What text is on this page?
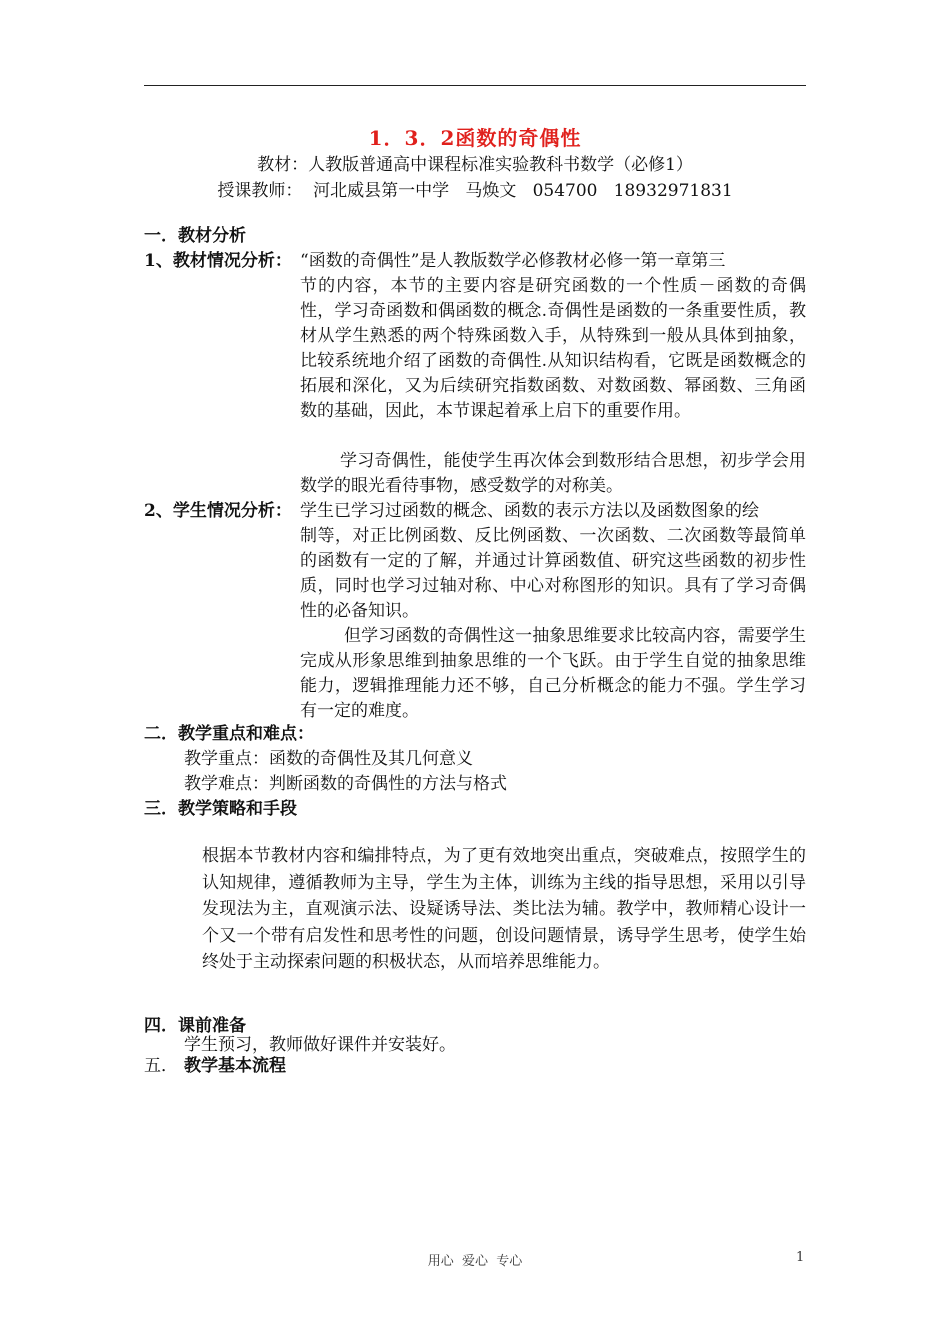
1．3．2函数的奇偶性
教材：人教版普通高中课程标准实验教科书数学（必修1）
授课教师：  河北威县第一中学   马焕文   054700   18932971831
一．教材分析
1、教材情况分析： “函数的奇偶性”是人教版数学必修教材必修一第一章第三
节的内容，本节的主要内容是研究函数的一个性质－函数的奇偶性，学习奇函数和偶函数的概念.奇偶性是函数的一条重要性质，教材从学生熟悉的两个特殊函数入手，从特殊到一般从具体到抽象，比较系统地介绍了函数的奇偶性.从知识结构看，它既是函数概念的拓展和深化，又为后续研究指数函数、对数函数、幂函数、三角函数的基础，因此，本节课起着承上启下的重要作用。
学习奇偶性，能使学生再次体会到数形结合思想，初步学会用数学的眼光看待事物，感受数学的对称美。
2、学生情况分析： 学生已学习过函数的概念、函数的表示方法以及函数图象的绘
制等，对正比例函数、反比例函数、一次函数、二次函数等最简单的函数有一定的了解，并通过计算函数值、研究这些函数的初步性质，同时也学习过轴对称、中心对称图形的知识。具有了学习奇偶性的必备知识。
但学习函数的奇偶性这一抽象思维要求比较高内容，需要学生完成从形象思维到抽象思维的一个飞跃。由于学生自觉的抽象思维能力，逻辑推理能力还不够，自己分析概念的能力不强。学生学习有一定的难度。
二．教学重点和难点：
教学重点：函数的奇偶性及其几何意义
教学难点：判断函数的奇偶性的方法与格式
三．教学策略和手段
根据本节教材内容和编排特点，为了更有效地突出重点，突破难点，按照学生的认知规律，遵循教师为主导，学生为主体，训练为主线的指导思想，采用以引导发现法为主，直观演示法、设疑诱导法、类比法为辅。教学中，教师精心设计一个又一个带有启发性和思考性的问题，创设问题情景，诱导学生思考，使学生始终处于主动探索问题的积极状态，从而培养思维能力。
四．课前准备
学生预习，教师做好课件并安装好。
五． 教学基本流程
用心  爱心  专心	1
